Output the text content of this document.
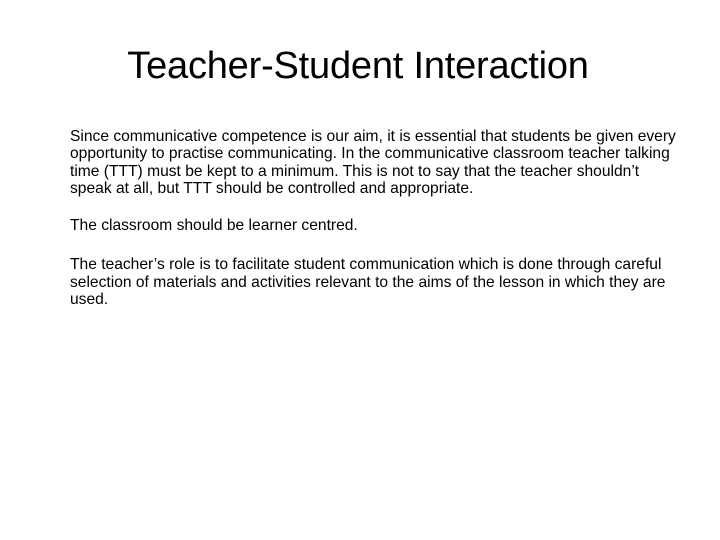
Teacher-Student Interaction

Since communicative competence is our aim, it is essential that students be given every opportunity to practise communicating. In the communicative classroom teacher talking time (TTT) must be kept to a minimum. This is not to say that the teacher shouldn’t speak at all, but TTT should be controlled and appropriate.

The classroom should be learner centred.

The teacher’s role is to facilitate student communication which is done through careful selection of materials and activities relevant to the aims of the lesson in which they are used.
